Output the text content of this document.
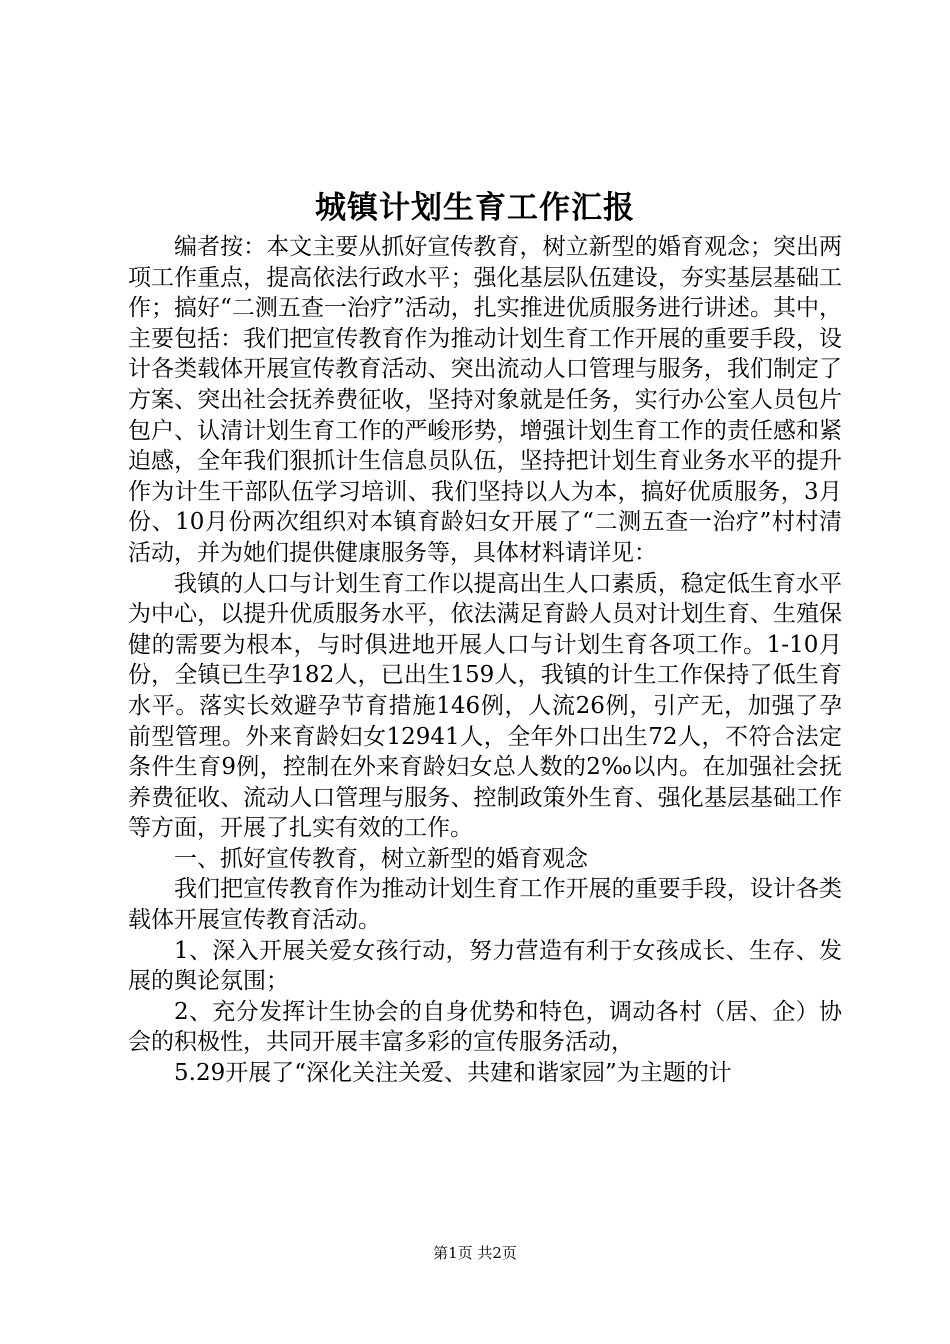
城镇计划生育工作汇报

编者按：本文主要从抓好宣传教育，树立新型的婚育观念；突出两项工作重点，提高依法行政水平；强化基层队伍建设，夯实基层基础工作；搞好“二测五查一治疗”活动，扎实推进优质服务进行讲述。其中，主要包括：我们把宣传教育作为推动计划生育工作开展的重要手段，设计各类载体开展宣传教育活动、突出流动人口管理与服务，我们制定了方案、突出社会抚养费征收，坚持对象就是任务，实行办公室人员包片包户、认清计划生育工作的严峻形势，增强计划生育工作的责任感和紧迫感，全年我们狠抓计生信息员队伍，坚持把计划生育业务水平的提升作为计生干部队伍学习培训、我们坚持以人为本，搞好优质服务，3月份、10月份两次组织对本镇育龄妇女开展了“二测五查一治疗”村村清活动，并为她们提供健康服务等，具体材料请详见：

我镇的人口与计划生育工作以提高出生人口素质，稳定低生育水平为中心，以提升优质服务水平，依法满足育龄人员对计划生育、生殖保健的需要为根本，与时俱进地开展人口与计划生育各项工作。1-10月份，全镇已生孕182人，已出生159人，我镇的计生工作保持了低生育水平。落实长效避孕节育措施146例，人流26例，引产无，加强了孕前型管理。外来育龄妇女12941人，全年外口出生72人，不符合法定条件生育9例，控制在外来育龄妇女总人数的2‰以内。在加强社会抚养费征收、流动人口管理与服务、控制政策外生育、强化基层基础工作等方面，开展了扎实有效的工作。

一、抓好宣传教育，树立新型的婚育观念

我们把宣传教育作为推动计划生育工作开展的重要手段，设计各类载体开展宣传教育活动。

1、深入开展关爱女孩行动，努力营造有利于女孩成长、生存、发展的舆论氛围；

2、充分发挥计生协会的自身优势和特色，调动各村（居、企）协会的积极性，共同开展丰富多彩的宣传服务活动，

5.29开展了“深化关注关爱、共建和谐家园”为主题的计

第1页 共2页
